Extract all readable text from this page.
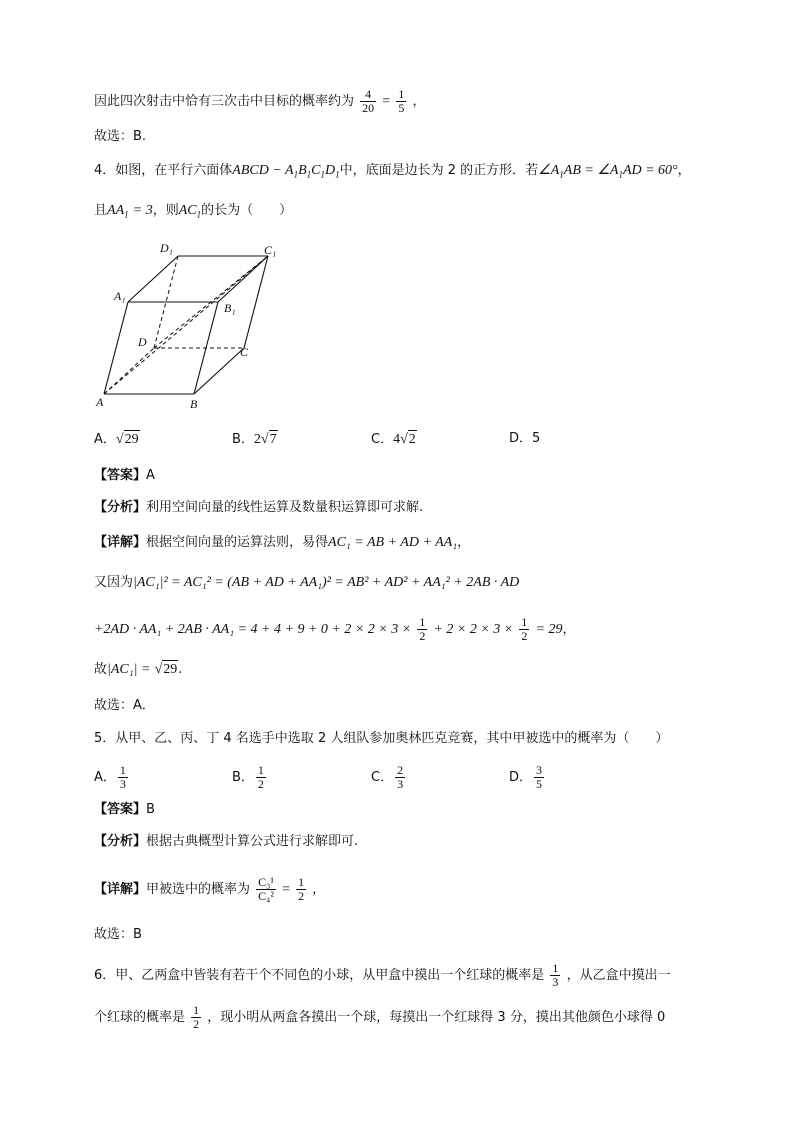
因此四次射击中恰有三次击中目标的概率约为 $\frac{4}{20} = \frac{1}{5}$ ，
故选：B.
4．如图，在平行六面体ABCD − $A_1B_1C_1D_1$中，底面是边长为 2 的正方形．若$\angle A_1AB$ = $\angle A_1AD = 60^\circ$，
且$AA_1 = 3$，则$AC_1$的长为（　　）
D₁	C₁
A₁
B₁
D
C
A	B
A．√29	B．2√7	C．4√2	D．5
【答案】A
【分析】利用空间向量的线性运算及数量积运算即可求解.
【详解】根据空间向量的运算法则，易得AC₁ = AB + AD + AA₁，
又因为|AC₁|² = AC₁² = (AB + AD + AA₁)² = AB² + AD² + AA₁² + 2AB · AD
$+2AD \cdot AA_1 + 2AB \cdot AA_1 = 4 + 4 + 9 + 0 + 2 \times 2 \times 3 \times \frac{1}{2} + 2 \times 2 \times 3 \times \frac{1}{2} = 29$，
故|AC₁| = √29.
故选：A．
5．从甲、乙、丙、丁 4 名选手中选取 2 人组队参加奥林匹克竞赛，其中甲被选中的概率为（　　）
A． $\frac{1}{3}$	B． $\frac{1}{2}$	C． $\frac{2}{3}$	D． $\frac{3}{5}$
【答案】B
【分析】根据古典概型计算公式进行求解即可.
【详解】甲被选中的概率为 $\frac{\text{C₃¹}}{\text{C₄²}} = \frac{1}{2}$ ，
故选：B
6．甲、乙两盒中皆装有若干个不同色的小球，从甲盒中摸出一个红球的概率是 $\frac{1}{3}$ ，从乙盒中摸出一
个红球的概率是 $\frac{1}{2}$ ，现小明从两盒各摸出一个球，每摸出一个红球得 3 分，摸出其他颜色小球得 0
